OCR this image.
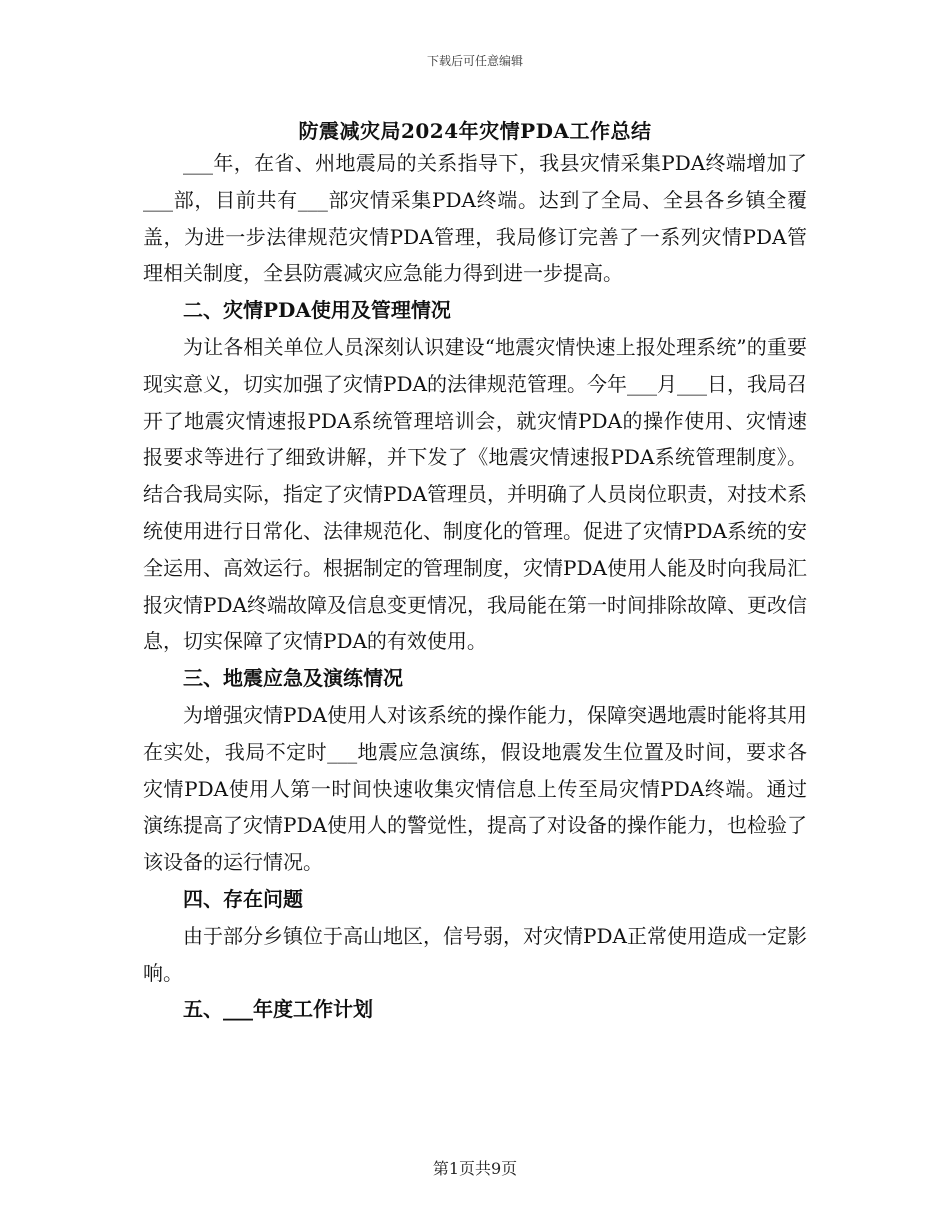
下载后可任意编辑
防震减灾局2024年灾情PDA工作总结

___年，在省、州地震局的关系指导下，我县灾情采集PDA终端增加了___部，目前共有___部灾情采集PDA终端。达到了全局、全县各乡镇全覆盖，为进一步法律规范灾情PDA管理，我局修订完善了一系列灾情PDA管理相关制度，全县防震减灾应急能力得到进一步提高。

二、灾情PDA使用及管理情况

为让各相关单位人员深刻认识建设“地震灾情快速上报处理系统”的重要现实意义，切实加强了灾情PDA的法律规范管理。今年___月___日，我局召开了地震灾情速报PDA系统管理培训会，就灾情PDA的操作使用、灾情速报要求等进行了细致讲解，并下发了《地震灾情速报PDA系统管理制度》。结合我局实际，指定了灾情PDA管理员，并明确了人员岗位职责，对技术系统使用进行日常化、法律规范化、制度化的管理。促进了灾情PDA系统的安全运用、高效运行。根据制定的管理制度，灾情PDA使用人能及时向我局汇报灾情PDA终端故障及信息变更情况，我局能在第一时间排除故障、更改信息，切实保障了灾情PDA的有效使用。

三、地震应急及演练情况

为增强灾情PDA使用人对该系统的操作能力，保障突遇地震时能将其用在实处，我局不定时___地震应急演练，假设地震发生位置及时间，要求各灾情PDA使用人第一时间快速收集灾情信息上传至局灾情PDA终端。通过演练提高了灾情PDA使用人的警觉性，提高了对设备的操作能力，也检验了该设备的运行情况。

四、存在问题

由于部分乡镇位于高山地区，信号弱，对灾情PDA正常使用造成一定影响。

五、___年度工作计划

第1页共9页
